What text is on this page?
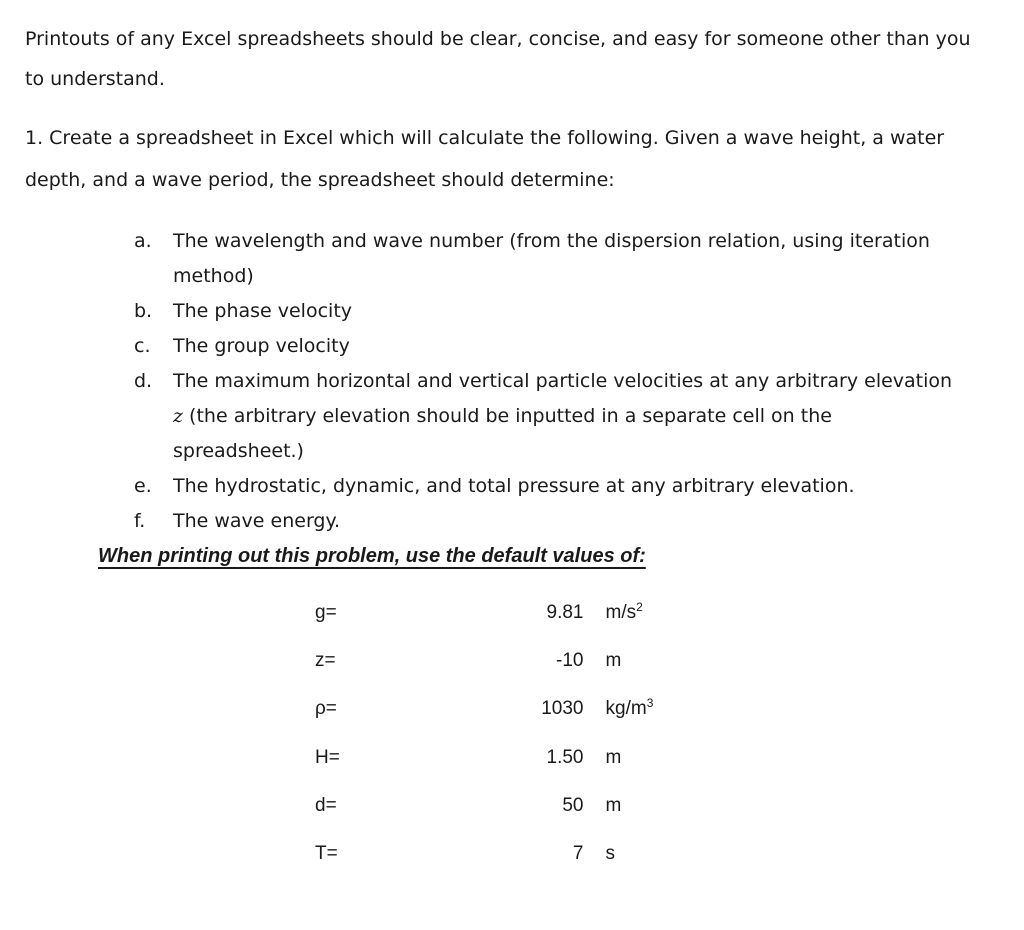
Printouts of any Excel spreadsheets should be clear, concise, and easy for someone other than you to understand.

1. Create a spreadsheet in Excel which will calculate the following. Given a wave height, a water depth, and a wave period, the spreadsheet should determine:

a.	The wavelength and wave number (from the dispersion relation, using iteration method)
b.	The phase velocity
c.	The group velocity
d.	The maximum horizontal and vertical particle velocities at any arbitrary elevation z (the arbitrary elevation should be inputted in a separate cell on the spreadsheet.)
e.	The hydrostatic, dynamic, and total pressure at any arbitrary elevation.
f.	The wave energy.
When printing out this problem, use the default values of:
g=	9.81	$m/s^2$
z=	-10	m
ρ=	1030	$kg/m^3$
H=	1.50	m
d=	50	m
T=	7	s
